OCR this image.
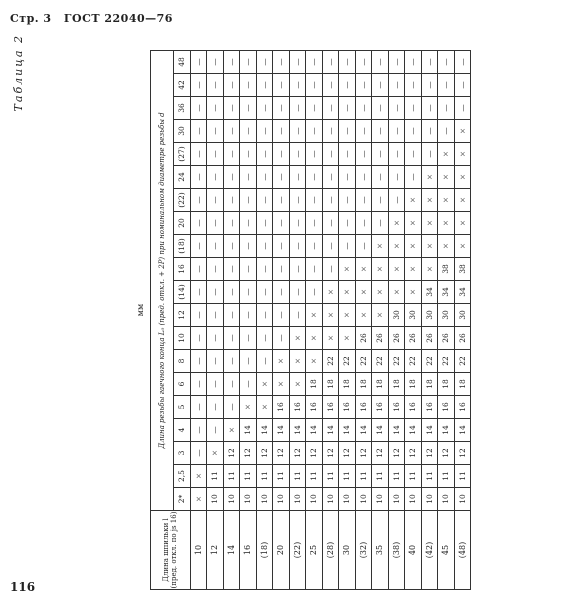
Стр. 3 ГОСТ 22040—76
Таблица 2
мм
Длина шпильки l (пред. откл. по js 16)	Длина резьбы гаечного конца L₀ (пред. откл. + 2P) при номинальном диаметре резьбы d																			
	2*	2,5	3	4	5	6	8	10	12	(14)	16	(18)	20	(22)	24	(27)	30	36	42	48
10	×	×	—	—	—	—	—	—	—	—	—	—	—	—	—	—	—	—	—	—
12	10	11	×	—	—	—	—	—	—	—	—	—	—	—	—	—	—	—	—	—
14	10	11	12	×	—	—	—	—	—	—	—	—	—	—	—	—	—	—	—	—
16	10	11	12	14	×	—	—	—	—	—	—	—	—	—	—	—	—	—	—	—
(18)	10	11	12	14	×	×	—	—	—	—	—	—	—	—	—	—	—	—	—	—
20	10	11	12	14	16	×	×	—	—	—	—	—	—	—	—	—	—	—	—	—
(22)	10	11	12	14	16	×	×	×	—	—	—	—	—	—	—	—	—	—	—	—
25	10	11	12	14	16	18	×	×	×	—	—	—	—	—	—	—	—	—	—	—
(28)	10	11	12	14	16	18	22	×	×	×	—	—	—	—	—	—	—	—	—	—
30	10	11	12	14	16	18	22	×	×	×	×	—	—	—	—	—	—	—	—	—
(32)	10	11	12	14	16	18	22	26	×	×	×	—	—	—	—	—	—	—	—	—
35	10	11	12	14	16	18	22	26	×	×	×	×	—	—	—	—	—	—	—	—
(38)	10	11	12	14	16	18	22	26	30	×	×	×	×	—	—	—	—	—	—	—
40	10	11	12	14	16	18	22	26	30	×	×	×	×	×	—	—	—	—	—	—
(42)	10	11	12	14	16	18	22	26	30	34	×	×	×	×	×	—	—	—	—	—
45	10	11	12	14	16	18	22	26	30	34	38	×	×	×	×	×	—	—	—	—
(48)	10	11	12	14	16	18	22	26	30	34	38	×	×	×	×	×	×	—	—	—
116
